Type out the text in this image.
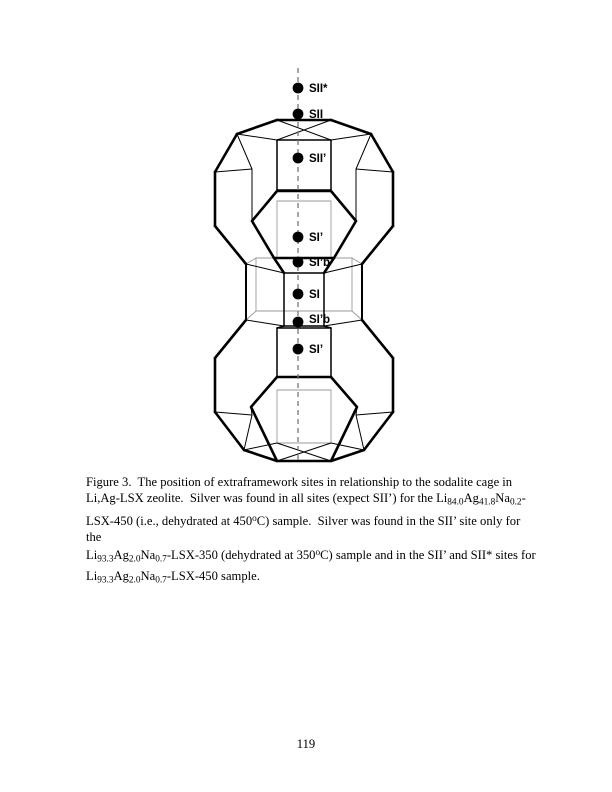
SII*
SII
SII’
SI’
SI’b
SI
SI’b
SI’
Figure 3.  The position of extraframework sites in relationship to the sodalite cage in
Li,Ag-LSX zeolite.  Silver was found in all sites (expect SII’) for the $Li_{84.0}Ag_{41.8}Na_{0.2}-$
LSX-450 (i.e., dehydrated at 450$^o$C) sample.  Silver was found in the SII’ site only for the
$Li_{93.3}Ag_{2.0}Na_{0.7}-LSX-350$ (dehydrated at 350$^o$C) sample and in the SII’ and SII* sites for
$Li_{93.3}Ag_{2.0}Na_{0.7}-LSX-450$ sample.
119
